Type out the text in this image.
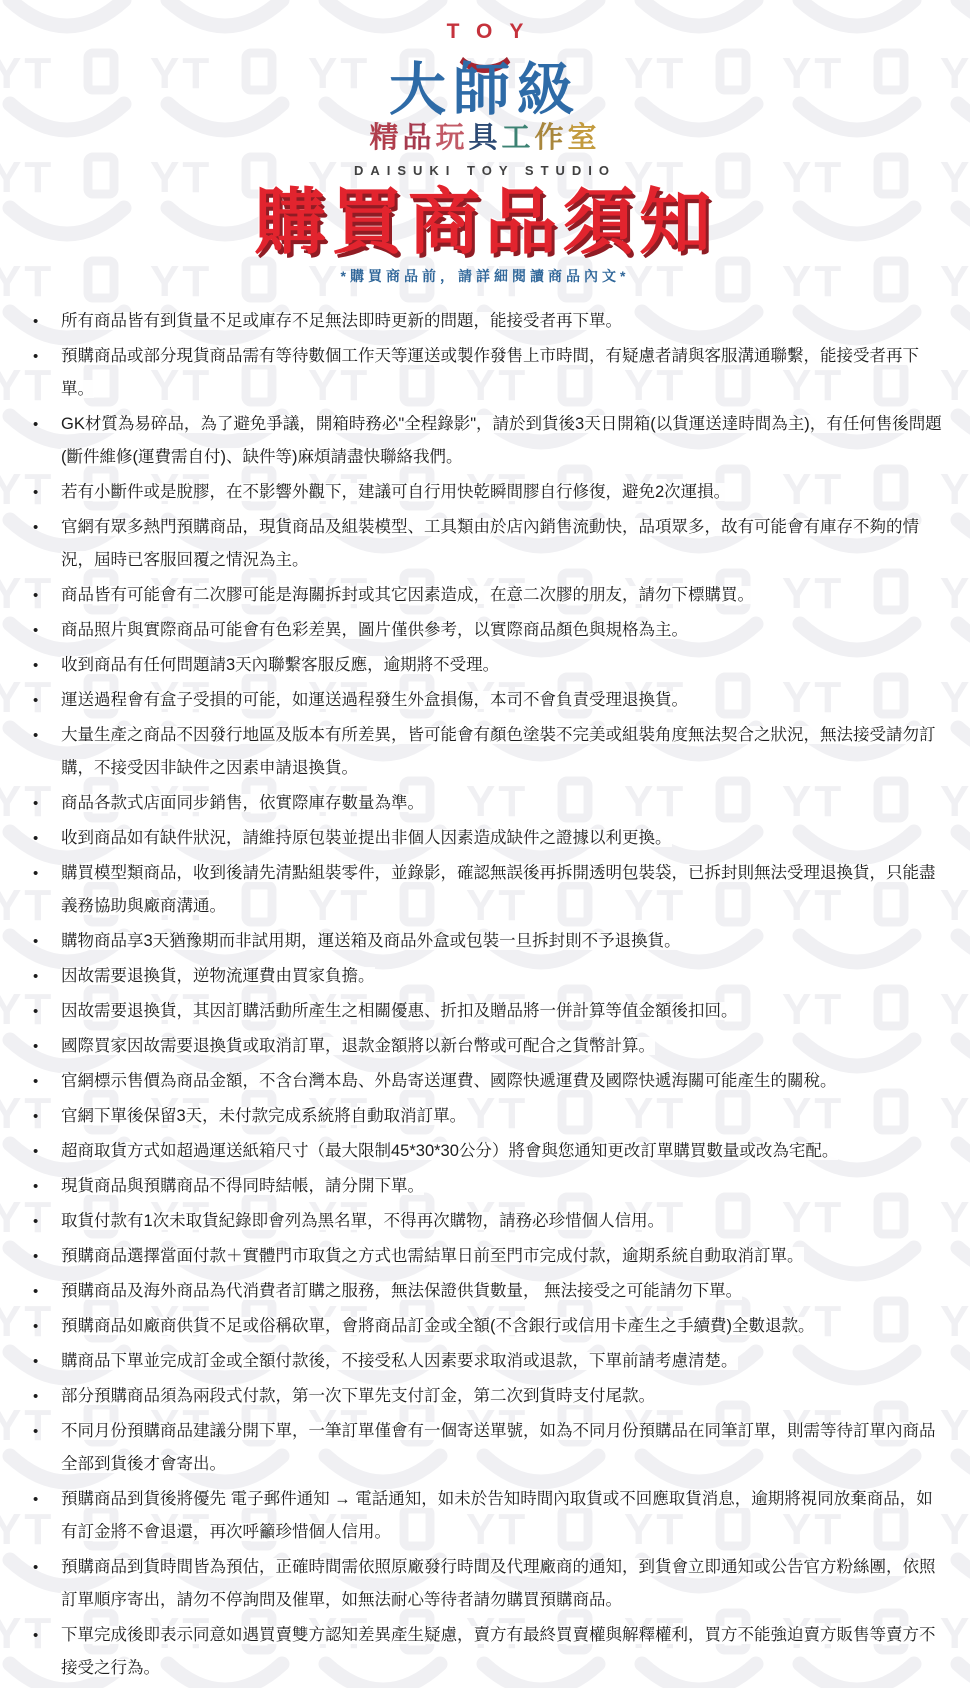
TOY
大師級
精品玩具工作室
DAISUKI TOY STUDIO
購買商品須知
*購買商品前，請詳細閱讀商品內文*
• 所有商品皆有到貨量不足或庫存不足無法即時更新的問題，能接受者再下單。
• 預購商品或部分現貨商品需有等待數個工作天等運送或製作發售上市時間，有疑慮者請與客服溝通聯繫，能接受者再下單。
• GK材質為易碎品，為了避免爭議，開箱時務必"全程錄影"，請於到貨後3天日開箱(以貨運送達時間為主)，有任何售後問題(斷件維修(運費需自付)、缺件等)麻煩請盡快聯絡我們。
• 若有小斷件或是脫膠，在不影響外觀下，建議可自行用快乾瞬間膠自行修復，避免2次運損。
• 官網有眾多熱門預購商品，現貨商品及組裝模型、工具類由於店內銷售流動快，品項眾多，故有可能會有庫存不夠的情況，屆時已客服回覆之情況為主。
• 商品皆有可能會有二次膠可能是海關拆封或其它因素造成，在意二次膠的朋友，請勿下標購買。
• 商品照片與實際商品可能會有色彩差異，圖片僅供參考，以實際商品顏色與規格為主。
• 收到商品有任何問題請3天內聯繫客服反應，逾期將不受理。
• 運送過程會有盒子受損的可能，如運送過程發生外盒損傷，本司不會負責受理退換貨。
• 大量生產之商品不因發行地區及版本有所差異，皆可能會有顏色塗裝不完美或組裝角度無法契合之狀況，無法接受請勿訂購，不接受因非缺件之因素申請退換貨。
• 商品各款式店面同步銷售，依實際庫存數量為準。
• 收到商品如有缺件狀況，請維持原包裝並提出非個人因素造成缺件之證據以利更換。
• 購買模型類商品，收到後請先清點組裝零件，並錄影，確認無誤後再拆開透明包裝袋，已拆封則無法受理退換貨，只能盡義務協助與廠商溝通。
• 購物商品享3天猶豫期而非試用期，運送箱及商品外盒或包裝一旦拆封則不予退換貨。
• 因故需要退換貨，逆物流運費由買家負擔。
• 因故需要退換貨，其因訂購活動所產生之相關優惠、折扣及贈品將一併計算等值金額後扣回。
• 國際買家因故需要退換貨或取消訂單，退款金額將以新台幣或可配合之貨幣計算。
• 官網標示售價為商品金額，不含台灣本島、外島寄送運費、國際快遞運費及國際快遞海關可能產生的關稅。
• 官網下單後保留3天，未付款完成系統將自動取消訂單。
• 超商取貨方式如超過運送紙箱尺寸（最大限制45*30*30公分）將會與您通知更改訂單購買數量或改為宅配。
• 現貨商品與預購商品不得同時結帳，請分開下單。
• 取貨付款有1次未取貨紀錄即會列為黑名單，不得再次購物，請務必珍惜個人信用。
• 預購商品選擇當面付款＋實體門市取貨之方式也需結單日前至門市完成付款，逾期系統自動取消訂單。
• 預購商品及海外商品為代消費者訂購之服務，無法保證供貨數量， 無法接受之可能請勿下單。
• 預購商品如廠商供貨不足或俗稱砍單，會將商品訂金或全額(不含銀行或信用卡產生之手續費)全數退款。
• 購商品下單並完成訂金或全額付款後，不接受私人因素要求取消或退款，下單前請考慮清楚。
• 部分預購商品須為兩段式付款，第一次下單先支付訂金，第二次到貨時支付尾款。
• 不同月份預購商品建議分開下單，一筆訂單僅會有一個寄送單號，如為不同月份預購品在同筆訂單，則需等待訂單內商品全部到貨後才會寄出。
• 預購商品到貨後將優先 電子郵件通知 → 電話通知，如未於告知時間內取貨或不回應取貨消息，逾期將視同放棄商品，如有訂金將不會退還，再次呼籲珍惜個人信用。
• 預購商品到貨時間皆為預估，正確時間需依照原廠發行時間及代理廠商的通知，到貨會立即通知或公告官方粉絲團，依照訂單順序寄出，請勿不停詢問及催單，如無法耐心等待者請勿購買預購商品。
• 下單完成後即表示同意如遇買賣雙方認知差異產生疑慮，賣方有最終買賣權與解釋權利，買方不能強迫賣方販售等賣方不接受之行為。
